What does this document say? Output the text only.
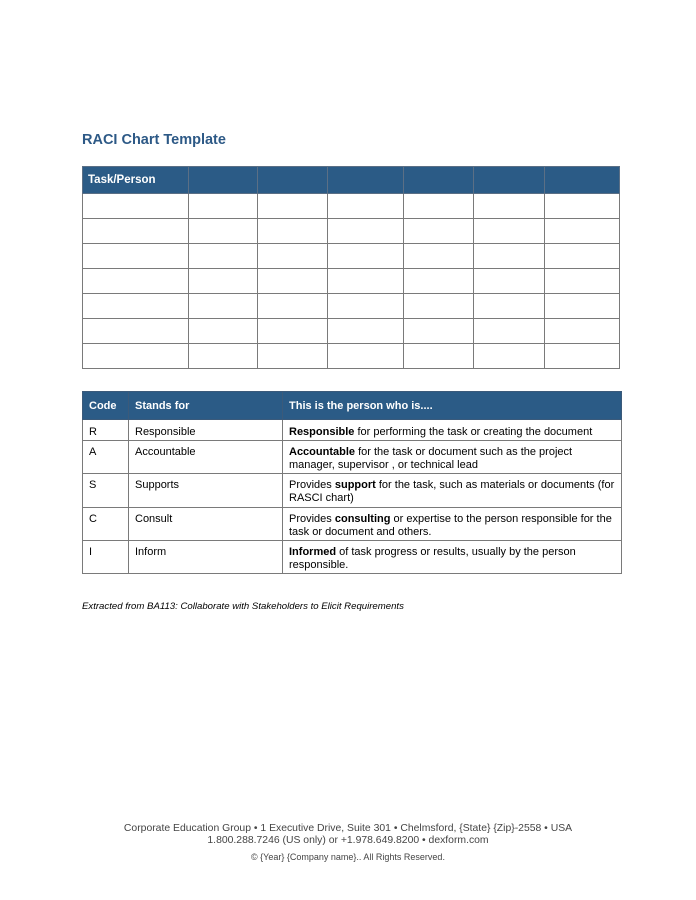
RACI Chart Template
Task/Person						

Code	Stands for	This is the person who is....
R	Responsible	Responsible for performing the task or creating the document
A	Accountable	Accountable for the task or document such as the project manager, supervisor , or technical lead
S	Supports	Provides support for the task, such as materials or documents (for RASCI chart)
C	Consult	Provides consulting or expertise to the person responsible for the task or document and others.
I	Inform	Informed of task progress or results, usually by the person responsible.
Extracted from BA113: Collaborate with Stakeholders to Elicit Requirements
Corporate Education Group • 1 Executive Drive, Suite 301 • Chelmsford, {State} {Zip}-2558 • USA
1.800.288.7246 (US only) or +1.978.649.8200 • dexform.com
© {Year} {Company name}.. All Rights Reserved.
